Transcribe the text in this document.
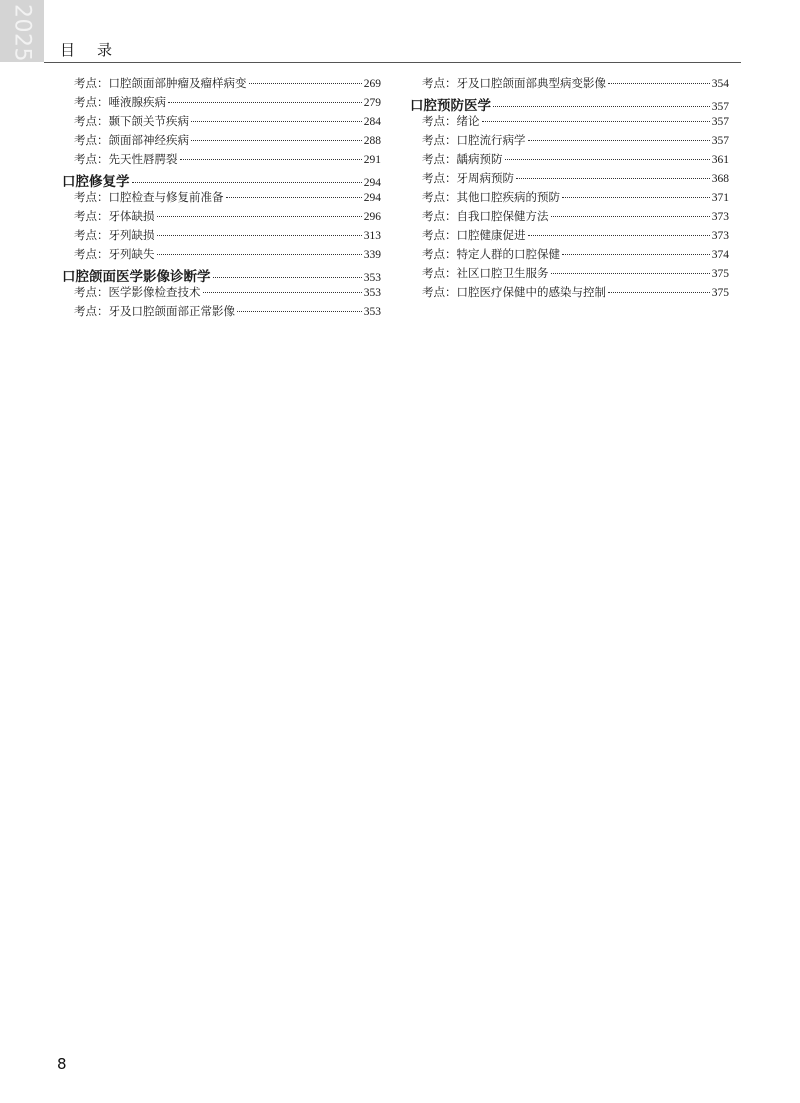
2025 目录
考点：口腔颌面部肿瘤及瘤样病变	269
考点：唾液腺疾病	279
考点：颞下颌关节疾病	284
考点：颌面部神经疾病	288
考点：先天性唇腭裂	291
口腔修复学	294
考点：口腔检查与修复前准备	294
考点：牙体缺损	296
考点：牙列缺损	313
考点：牙列缺失	339
口腔颌面医学影像诊断学	353
考点：医学影像检查技术	353
考点：牙及口腔颌面部正常影像	353
考点：牙及口腔颌面部典型病变影像	354
口腔预防医学	357
考点：绪论	357
考点：口腔流行病学	357
考点：龋病预防	361
考点：牙周病预防	368
考点：其他口腔疾病的预防	371
考点：自我口腔保健方法	373
考点：口腔健康促进	373
考点：特定人群的口腔保健	374
考点：社区口腔卫生服务	375
考点：口腔医疗保健中的感染与控制	375
8
